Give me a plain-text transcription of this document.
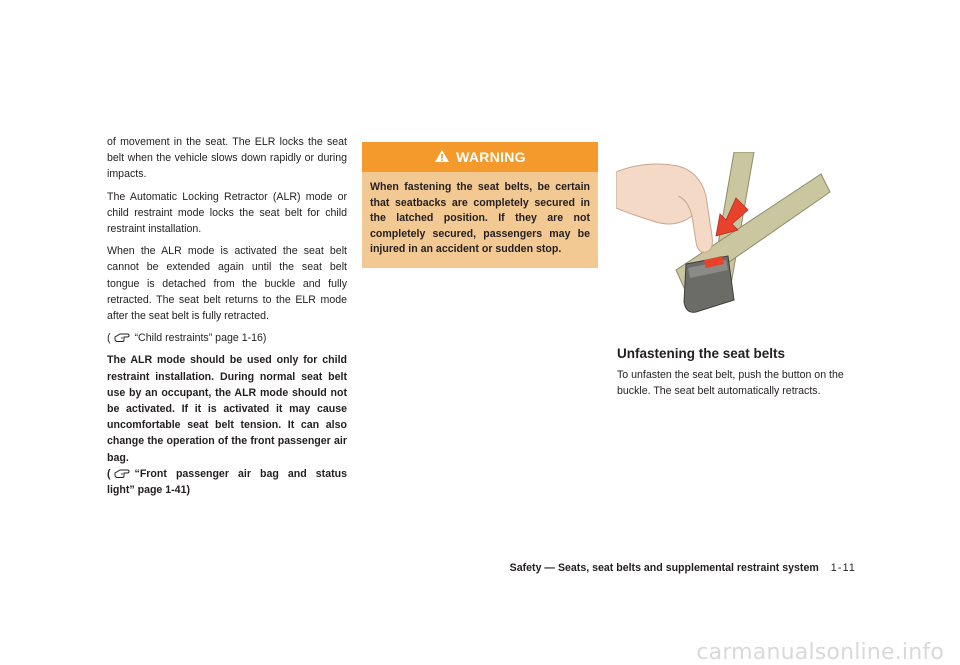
of movement in the seat. The ELR locks the seat belt when the vehicle slows down rapidly or during impacts.

The Automatic Locking Retractor (ALR) mode or child restraint mode locks the seat belt for child restraint installation.

When the ALR mode is activated the seat belt cannot be extended again until the seat belt tongue is detached from the buckle and fully retracted. The seat belt returns to the ELR mode after the seat belt is fully retracted.

( “Child restraints” page 1-16)

The ALR mode should be used only for child restraint installation. During normal seat belt use by an occupant, the ALR mode should not be activated. If it is activated it may cause uncomfortable seat belt tension. It can also change the operation of the front passenger air bag.
( “Front passenger air bag and status light” page 1-41)

WARNING
When fastening the seat belts, be certain that seatbacks are completely secured in the latched position. If they are not completely secured, passengers may be injured in an accident or sudden stop.
Unfastening the seat belts

To unfasten the seat belt, push the button on the buckle. The seat belt automatically retracts.

Safety — Seats, seat belts and supplemental restraint system 1-11
carmanualsonline.info
